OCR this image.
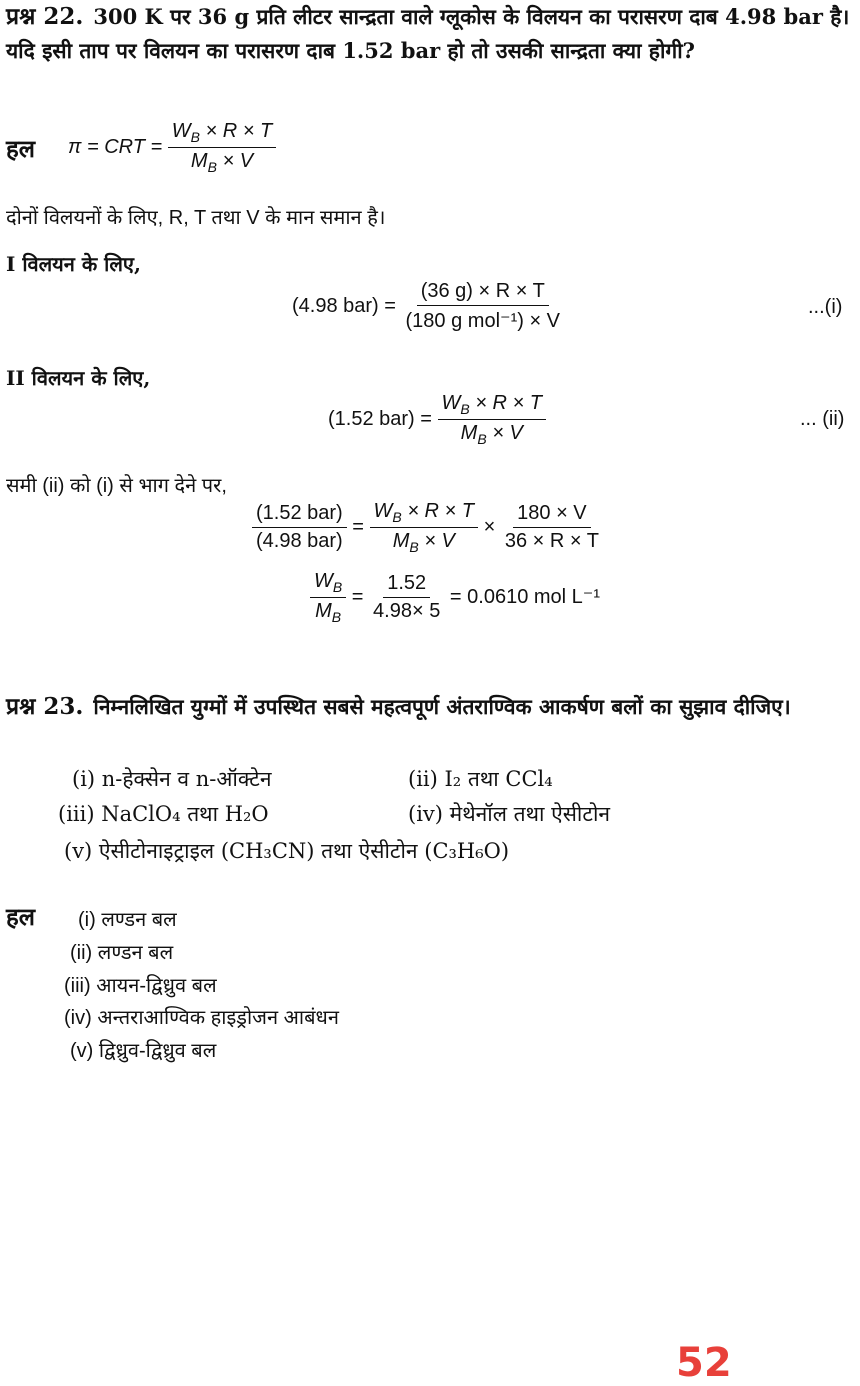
प्रश्न 22. 300 K पर 36 g प्रति लीटर सान्द्रता वाले ग्लूकोस के विलयन का परासरण दाब 4.98 bar है। यदि इसी ताप पर विलयन का परासरण दाब 1.52 bar हो तो उसकी सान्द्रता क्या होगी?
हल π = CRT = $\frac{W_B \times R \times T}{M_B \times V}$
दोनों विलयनों के लिए, R, T तथा V के मान समान है।
I विलयन के लिए,
(4.98 $bar) = \frac{(36 g) \times R \times T}{\text{(180 g mol⁻¹) × V}}$	...(i)
II विलयन के लिए,
(1.52 $bar) = \frac{W_B \times R \times T}{M_B \times V}$	... (ii)
समी (ii) को (i) से भाग देने पर,
$\frac{\text{(1.52 bar)}}{\text{(4.98 bar)}} = \frac{W_B \times R \times T}{M_B \times V} \times \frac{180 \times V}{36 \times R \times T}$
$\frac{W_B}{M_B} = \frac{1.52}{4.98\times 5} = 0.0610$ mol L⁻¹
प्रश्न 23. निम्नलिखित युग्मों में उपस्थित सबसे महत्वपूर्ण अंतराण्विक आकर्षण बलों का सुझाव दीजिए।
(i) n-हेक्सेन व n-ऑक्टेन	(ii) I₂ तथा CCl₄
(iii) NaClO₄ तथा H₂O	(iv) मेथेनॉल तथा ऐसीटोन
(v) ऐसीटोनाइट्राइल (CH₃CN) तथा ऐसीटोन (C₃H₆O)
हल (i) लण्डन बल
(ii) लण्डन बल
(iii) आयन-द्विध्रुव बल
(iv) अन्तराआण्विक हाइड्रोजन आबंधन
(v) द्विध्रुव-द्विध्रुव बल
52
